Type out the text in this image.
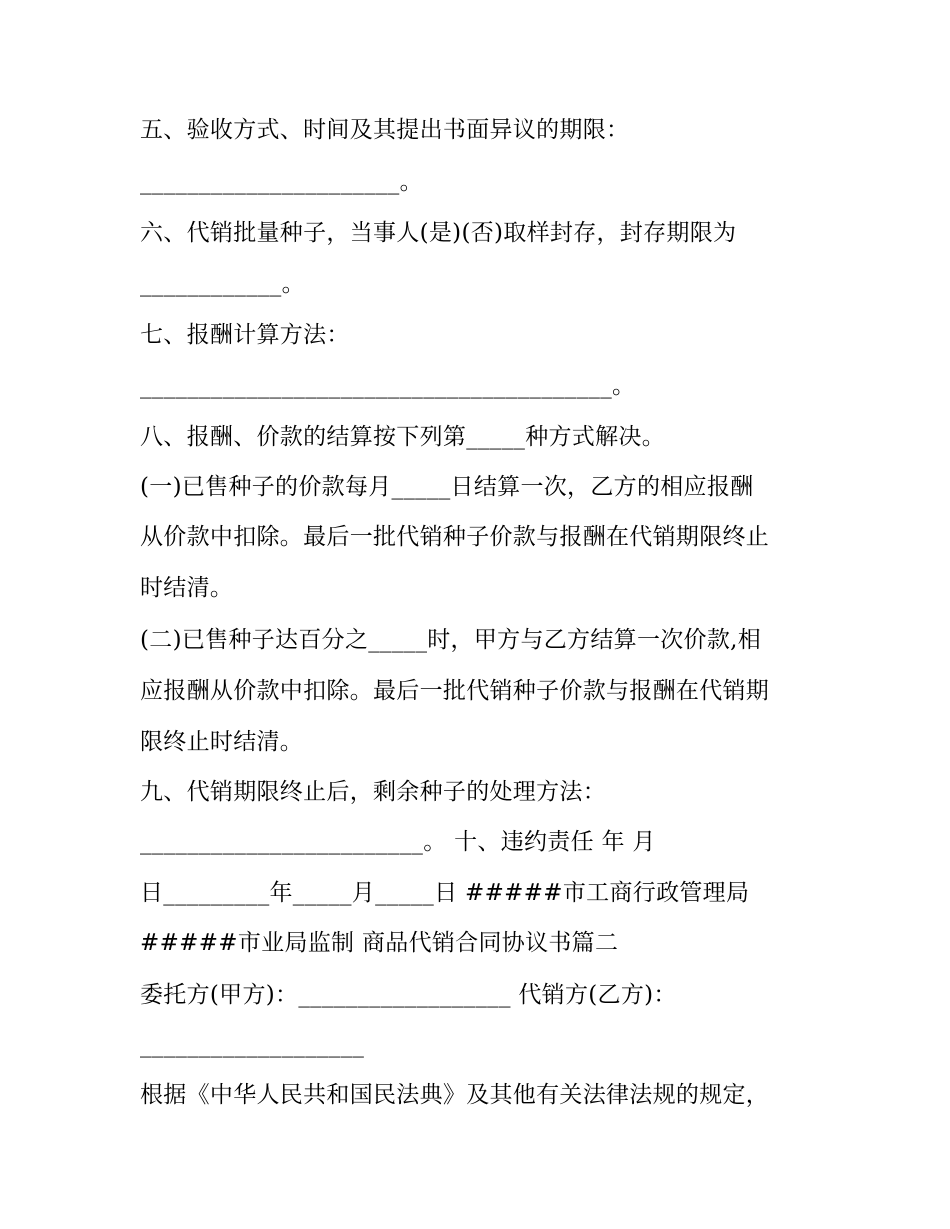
五、验收方式、时间及其提出书面异议的期限：

______________________。

六、代销批量种子，当事人(是)(否)取样封存，封存期限为

____________。

七、报酬计算方法：

________________________________________。

八、报酬、价款的结算按下列第_____种方式解决。

(一)已售种子的价款每月_____日结算一次，乙方的相应报酬

从价款中扣除。最后一批代销种子价款与报酬在代销期限终止

时结清。

(二)已售种子达百分之_____时，甲方与乙方结算一次价款,相

应报酬从价款中扣除。最后一批代销种子价款与报酬在代销期

限终止时结清。

九、代销期限终止后，剩余种子的处理方法：

________________________。 十、违约责任 年 月

日_________年_____月_____日 #####市工商行政管理局

#####市业局监制 商品代销合同协议书篇二

委托方(甲方)：__________________ 代销方(乙方)：

___________________

根据《中华人民共和国民法典》及其他有关法律法规的规定，
